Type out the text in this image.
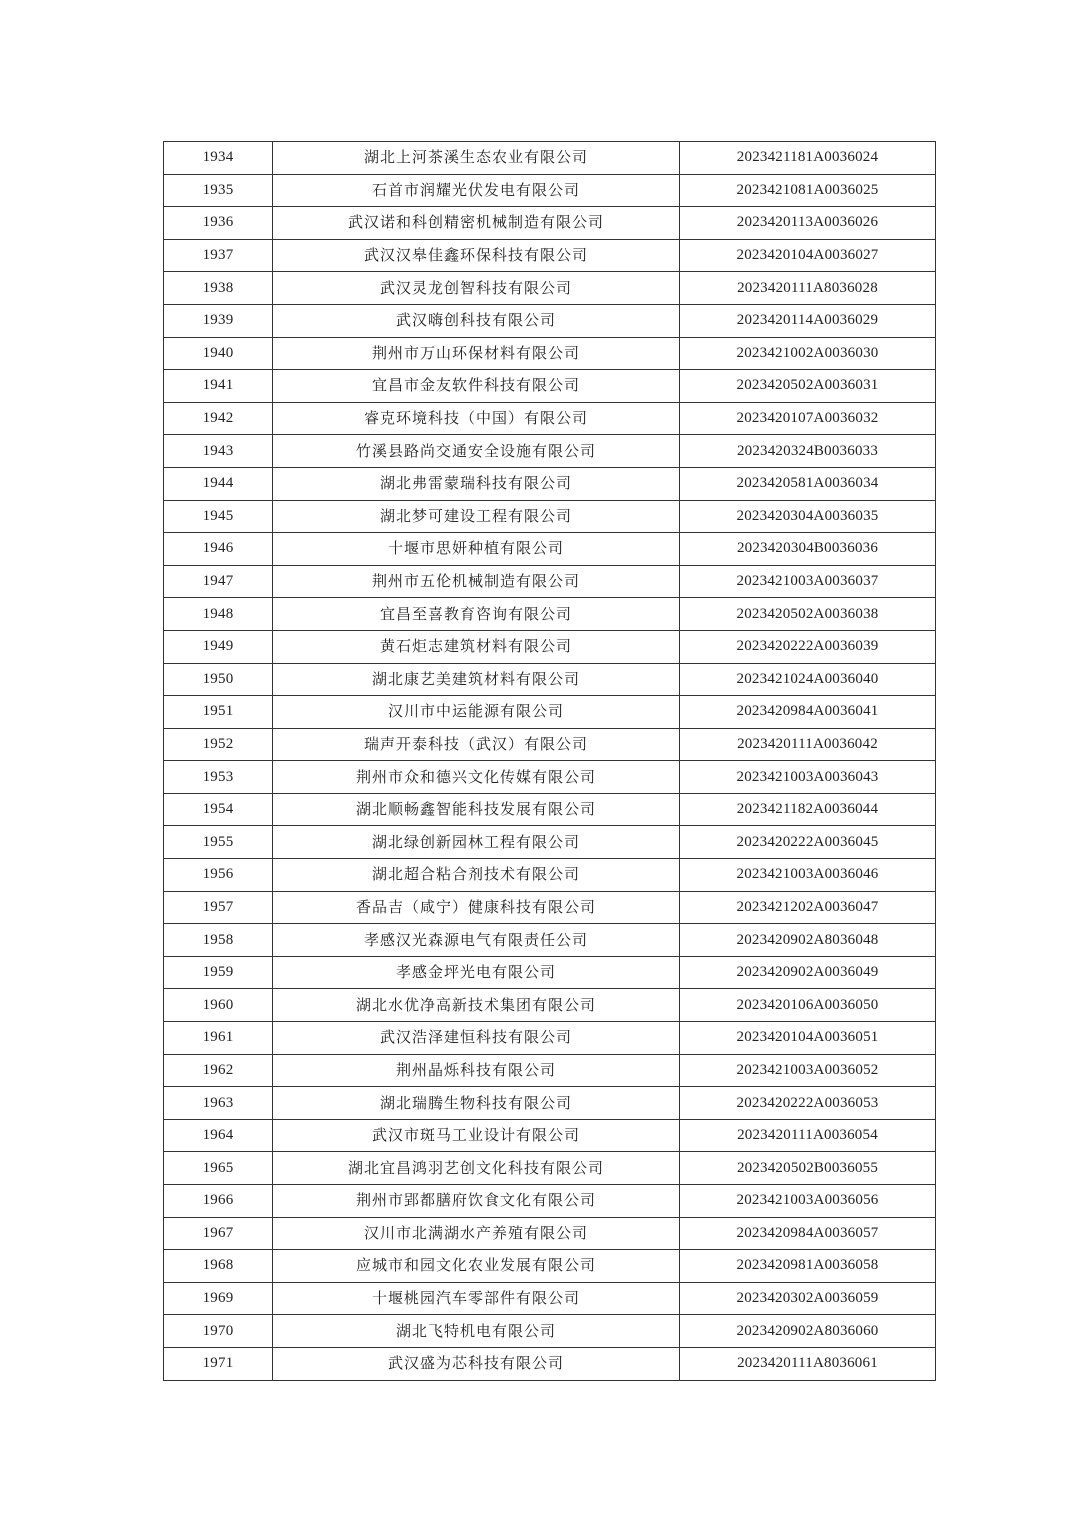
1934	湖北上河茶溪生态农业有限公司	2023421181A0036024
1935	石首市润耀光伏发电有限公司	2023421081A0036025
1936	武汉诺和科创精密机械制造有限公司	2023420113A0036026
1937	武汉汉皋佳鑫环保科技有限公司	2023420104A0036027
1938	武汉灵龙创智科技有限公司	2023420111A8036028
1939	武汉嗨创科技有限公司	2023420114A0036029
1940	荆州市万山环保材料有限公司	2023421002A0036030
1941	宜昌市金友软件科技有限公司	2023420502A0036031
1942	睿克环境科技（中国）有限公司	2023420107A0036032
1943	竹溪县路尚交通安全设施有限公司	2023420324B0036033
1944	湖北弗雷蒙瑞科技有限公司	2023420581A0036034
1945	湖北梦可建设工程有限公司	2023420304A0036035
1946	十堰市思妍种植有限公司	2023420304B0036036
1947	荆州市五伦机械制造有限公司	2023421003A0036037
1948	宜昌至喜教育咨询有限公司	2023420502A0036038
1949	黄石炬志建筑材料有限公司	2023420222A0036039
1950	湖北康艺美建筑材料有限公司	2023421024A0036040
1951	汉川市中运能源有限公司	2023420984A0036041
1952	瑞声开泰科技（武汉）有限公司	2023420111A0036042
1953	荆州市众和德兴文化传媒有限公司	2023421003A0036043
1954	湖北顺畅鑫智能科技发展有限公司	2023421182A0036044
1955	湖北绿创新园林工程有限公司	2023420222A0036045
1956	湖北超合粘合剂技术有限公司	2023421003A0036046
1957	香品吉（咸宁）健康科技有限公司	2023421202A0036047
1958	孝感汉光森源电气有限责任公司	2023420902A8036048
1959	孝感金坪光电有限公司	2023420902A0036049
1960	湖北水优净高新技术集团有限公司	2023420106A0036050
1961	武汉浩泽建恒科技有限公司	2023420104A0036051
1962	荆州晶烁科技有限公司	2023421003A0036052
1963	湖北瑞腾生物科技有限公司	2023420222A0036053
1964	武汉市斑马工业设计有限公司	2023420111A0036054
1965	湖北宜昌鸿羽艺创文化科技有限公司	2023420502B0036055
1966	荆州市郢都膳府饮食文化有限公司	2023421003A0036056
1967	汉川市北满湖水产养殖有限公司	2023420984A0036057
1968	应城市和园文化农业发展有限公司	2023420981A0036058
1969	十堰桃园汽车零部件有限公司	2023420302A0036059
1970	湖北飞特机电有限公司	2023420902A8036060
1971	武汉盛为芯科技有限公司	2023420111A8036061
